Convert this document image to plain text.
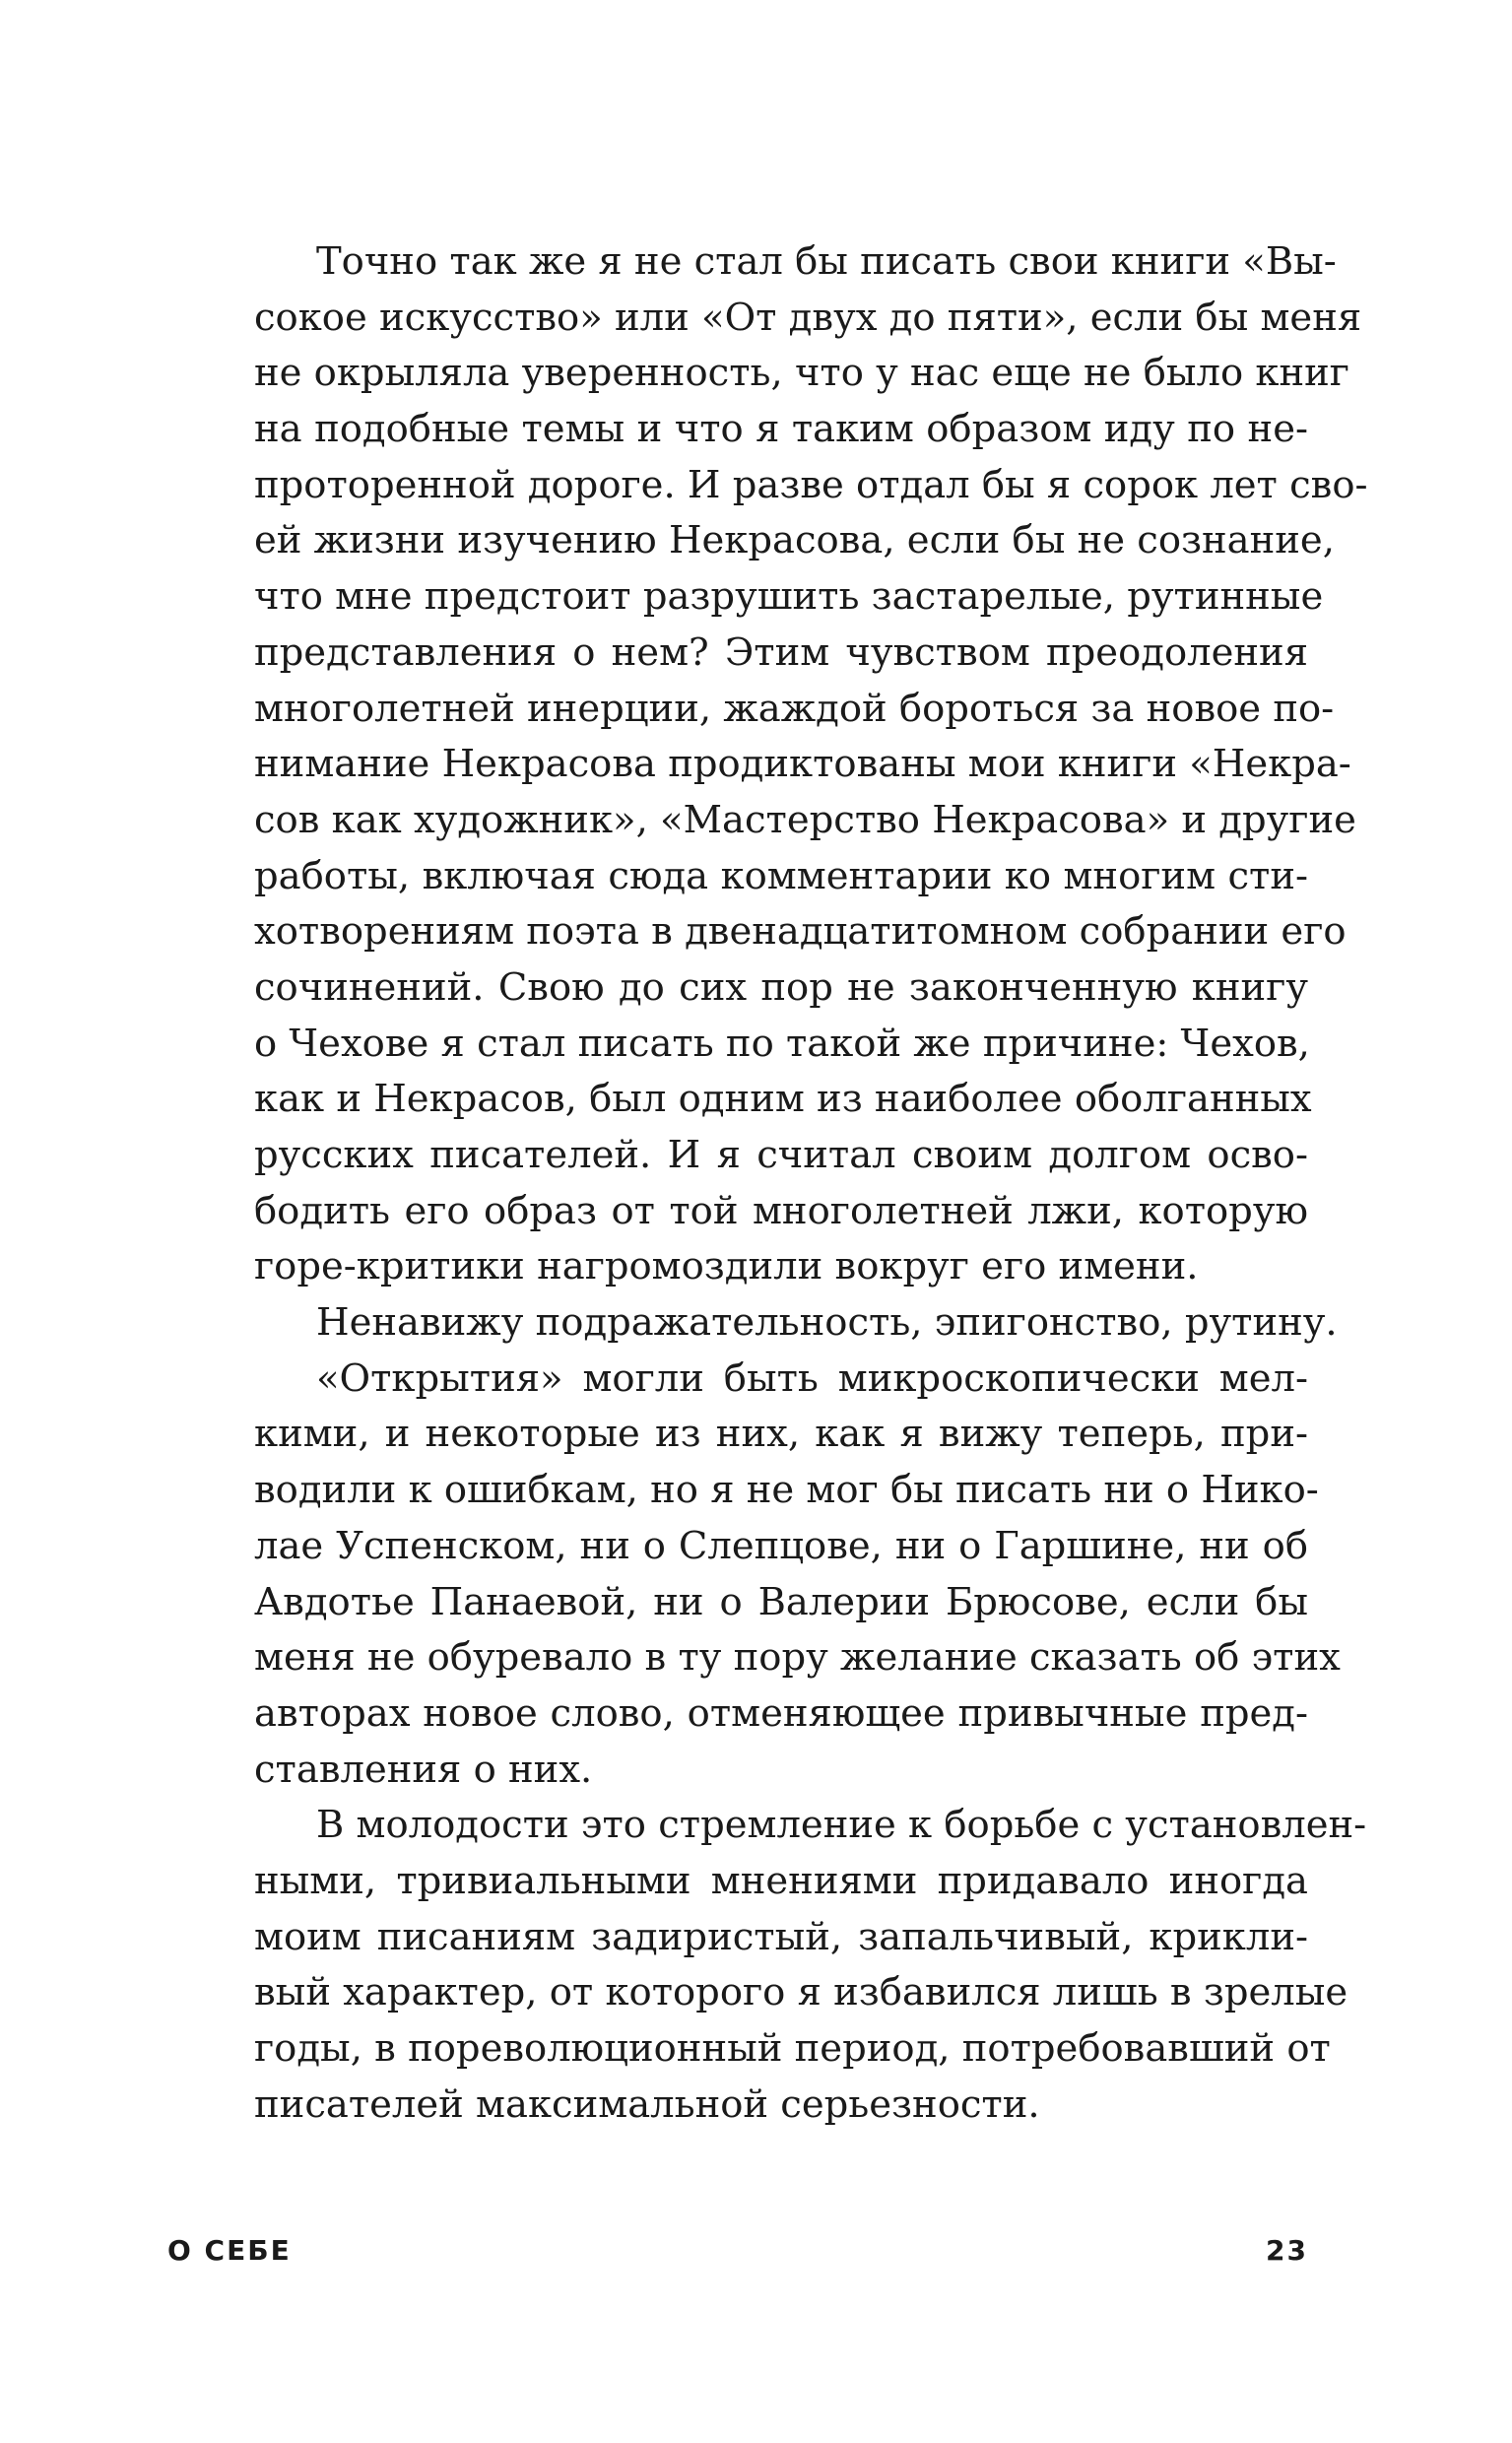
Точно так же я не стал бы писать свои книги «Вы-
сокое искусство» или «От двух до пяти», если бы меня
не окрыляла уверенность, что у нас еще не было книг
на подобные темы и что я таким образом иду по не-
проторенной дороге. И разве отдал бы я сорок лет сво-
ей жизни изучению Некрасова, если бы не сознание,
что мне предстоит разрушить застарелые, рутинные
представления о нем? Этим чувством преодоления
многолетней инерции, жаждой бороться за новое по-
нимание Некрасова продиктованы мои книги «Некра-
сов как художник», «Мастерство Некрасова» и другие
работы, включая сюда комментарии ко многим сти-
хотворениям поэта в двенадцатитомном собрании его
сочинений. Свою до сих пор не законченную книгу
о Чехове я стал писать по такой же причине: Чехов,
как и Некрасов, был одним из наиболее оболганных
русских писателей. И я считал своим долгом осво-
бодить его образ от той многолетней лжи, которую
горе-критики нагромоздили вокруг его имени.
Ненавижу подражательность, эпигонство, рутину.
«Открытия» могли быть микроскопически мел-
кими, и некоторые из них, как я вижу теперь, при-
водили к ошибкам, но я не мог бы писать ни о Нико-
лае Успенском, ни о Слепцове, ни о Гаршине, ни об
Авдотье Панаевой, ни о Валерии Брюсове, если бы
меня не обуревало в ту пору желание сказать об этих
авторах новое слово, отменяющее привычные пред-
ставления о них.
В молодости это стремление к борьбе с установлен-
ными, тривиальными мнениями придавало иногда
моим писаниям задиристый, запальчивый, крикли-
вый характер, от которого я избавился лишь в зрелые
годы, в пореволюционный период, потребовавший от
писателей максимальной серьезности.
О СЕБЕ	23
